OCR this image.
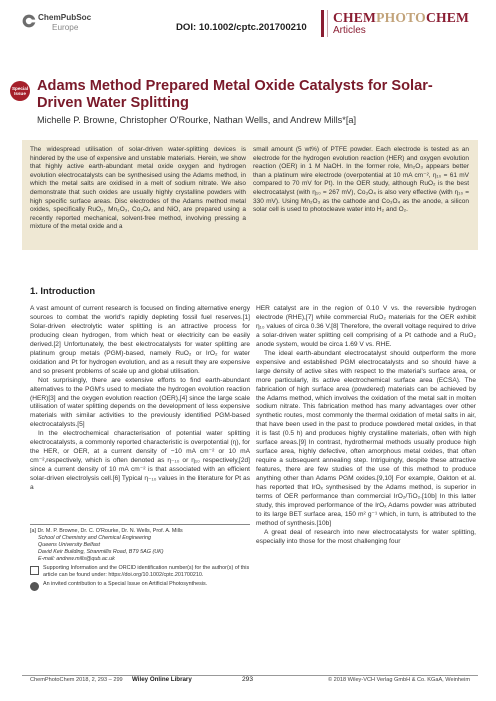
ChemPubSoc
Europe	DOI: 10.1002/cptc.201700210
CHEMPHOTOCHEM
Articles
Special
Issue Adams Method Prepared Metal Oxide Catalysts for Solar-Driven Water Splitting
Michelle P. Browne, Christopher O'Rourke, Nathan Wells, and Andrew Mills*[a]
The widespread utilisation of solar-driven water-splitting devices is hindered by the use of expensive and unstable materials. Herein, we show that highly active earth-abundant metal oxide oxygen and hydrogen evolution electrocatalysts can be synthesised using the Adams method, in which the metal salts are oxidised in a melt of sodium nitrate. We also demonstrate that such oxides are usually highly crystalline powders with high specific surface areas. Disc electrodes of the Adams method metal oxides, specifically RuO₂, Mn₂O₃, Co₃O₄ and NiO, are prepared using a recently reported mechanical, solvent-free method, involving pressing a mixture of the metal oxide and a
small amount (5 wt%) of PTFE powder. Each electrode is tested as an electrode for the hydrogen evolution reaction (HER) and oxygen evolution reaction (OER) in 1 M NaOH. In the former role, Mn₂O₃ appears better than a platinum wire electrode (overpotential at 10 mA cm⁻², η₁₀ = 61 mV compared to 70 mV for Pt). In the OER study, although RuO₂ is the best electrocatalyst (with η₁₀ = 267 mV), Co₃O₄ is also very effective (with η₁₀ = 330 mV). Using Mn₂O₃ as the cathode and Co₃O₄ as the anode, a silicon solar cell is used to photocleave water into H₂ and O₂.
1. Introduction

A vast amount of current research is focused on finding alternative energy sources to combat the world's rapidly depleting fossil fuel reserves.[1] Solar-driven electrolytic water splitting is an attractive process for producing clean hydrogen, from which heat or electricity can be easily derived.[2] Unfortunately, the best electrocatalysts for water splitting are platinum group metals (PGM)-based, namely RuO₂ or IrO₂ for water oxidation and Pt for hydrogen evolution, and as a result they are expensive and so present problems of scale up and global utilisation.

Not surprisingly, there are extensive efforts to find earth-abundant alternatives to the PGM's used to mediate the hydrogen evolution reaction (HER)[3] and the oxygen evolution reaction (OER),[4] since the large scale utilisation of water splitting depends on the development of less expensive materials with similar activities to the previously identified PGM-based electrocatalysts.[5]

In the electrochemical characterisation of potential water splitting electrocatalysts, a commonly reported characteristic is overpotential (η), for the HER, or OER, at a current density of −10 mA cm⁻² or 10 mA cm⁻²,respectively, which is often denoted as η₋₁₀ or η₁₀ respectively,[2d] since a current density of 10 mA cm⁻² is that associated with an efficient solar-driven electrolysis cell.[6] Typical η₋₁₀ values in the literature for Pt as a

HER catalyst are in the region of 0.10 V vs. the reversible hydrogen electrode (RHE),[7] while commercial RuO₂ materials for the OER exhibit η₁₀ values of circa 0.36 V.[8] Therefore, the overall voltage required to drive a solar-driven water splitting cell comprising of a Pt cathode and a RuO₂ anode system, would be circa 1.69 V vs. RHE.

The ideal earth-abundant electrocatalyst should outperform the more expensive and established PGM electrocatalysts and so should have a large density of active sites with respect to the material's surface area, or more particularly, its active electrochemical surface area (ECSA). The fabrication of high surface area (powdered) materials can be achieved by the Adams method, which involves the oxidation of the metal salt in molten sodium nitrate. This fabrication method has many advantages over other synthetic routes, most commonly the thermal oxidation of metal salts in air, that have been used in the past to produce powdered metal oxides, in that it is fast (0.5 h) and produces highly crystalline materials, often with high surface areas.[9] In contrast, hydrothermal methods usually produce high surface area, highly defective, often amorphous metal oxides, that often require a subsequent annealing step. Intriguingly, despite these attractive features, there are few studies of the use of this method to produce anything other than Adams PGM oxides.[9,10] For example, Oakton et al. has reported that IrOₓ synthesised by the Adams method, is superior in terms of OER performance than commercial IrO₂/TiO₂.[10b] In this latter study, this improved performance of the IrOₓ Adams powder was attributed to its large BET surface area, 150 m² g⁻¹ which, in turn, is attributed to the method of synthesis.[10b]

A great deal of research into new electrocatalysts for water splitting, especially into those for the most challenging four

[a] Dr. M. P. Browne, Dr. C. O'Rourke, Dr. N. Wells, Prof. A. Mills
School of Chemistry and Chemical Engineering
Queens University Belfast
David Keir Building, Stranmillis Road, BT9 5AG (UK)
E-mail: andrew.mills@qub.ac.uk
Supporting Information and the ORCID identification number(s) for the author(s) of this article can be found under: https://doi.org/10.1002/cptc.201700210.
An invited contribution to a Special Issue on Artificial Photosynthesis.
ChemPhotoChem 2018, 2, 293 – 299 Wiley Online Library	293	© 2018 Wiley-VCH Verlag GmbH & Co. KGaA, Weinheim
